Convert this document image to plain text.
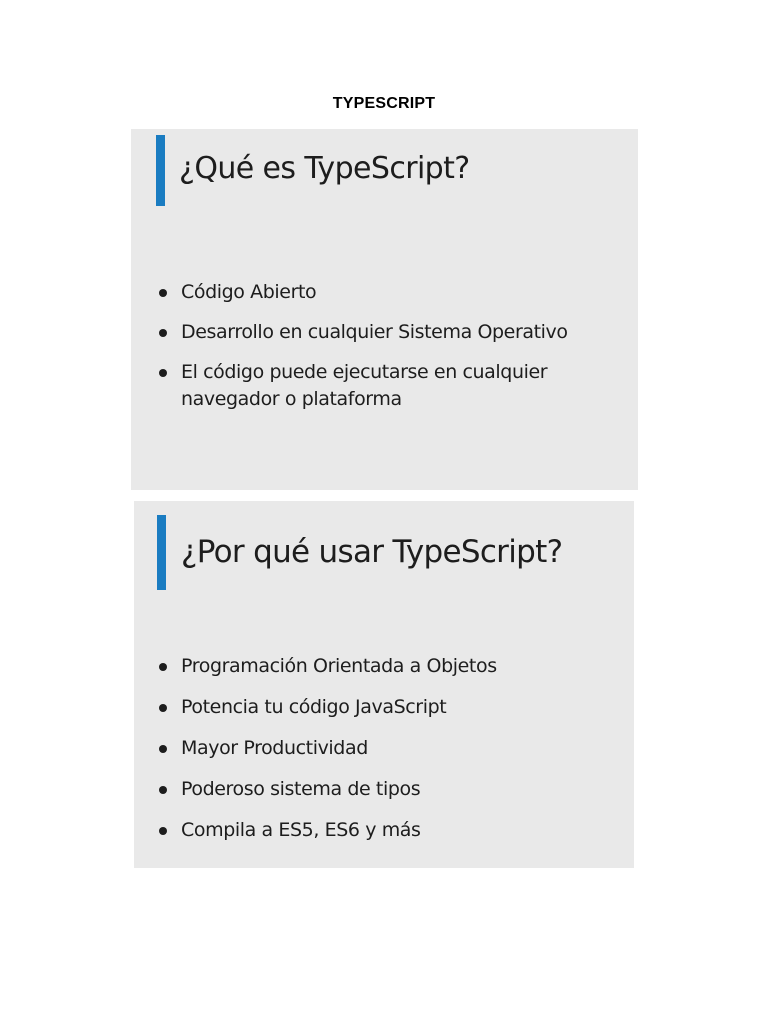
TYPESCRIPT
¿Qué es TypeScript?
Código Abierto
Desarrollo en cualquier Sistema Operativo
El código puede ejecutarse en cualquier navegador o plataforma
¿Por qué usar TypeScript?
Programación Orientada a Objetos
Potencia tu código JavaScript
Mayor Productividad
Poderoso sistema de tipos
Compila a ES5, ES6 y más
